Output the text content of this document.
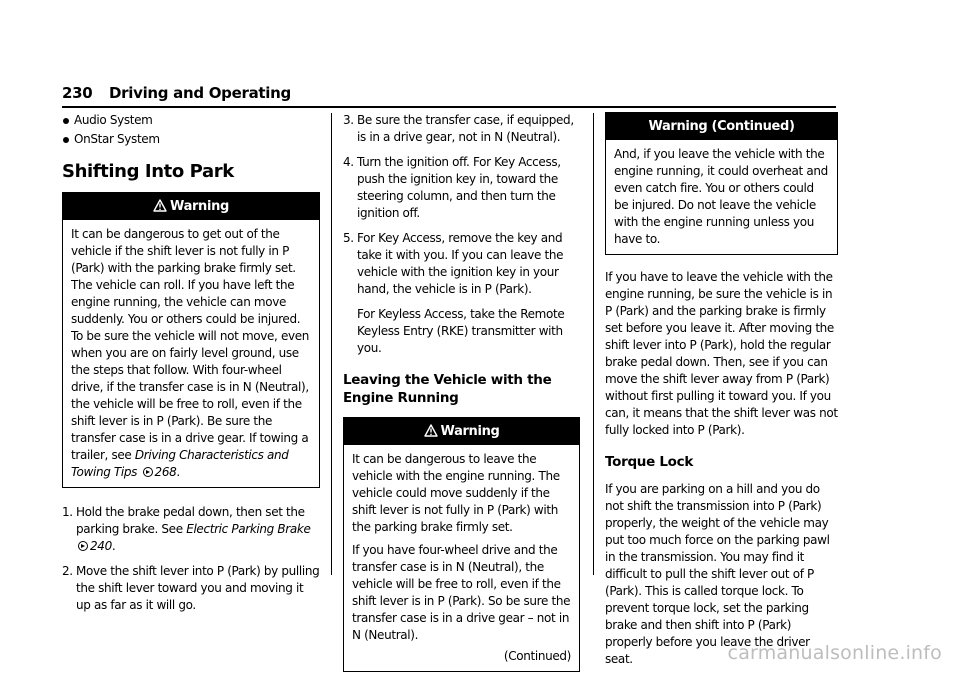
230 Driving and Operating
Audio System
OnStar System
Shifting Into Park
Warning

It can be dangerous to get out of the vehicle if the shift lever is not fully in P (Park) with the parking brake firmly set. The vehicle can roll. If you have left the engine running, the vehicle can move suddenly. You or others could be injured. To be sure the vehicle will not move, even when you are on fairly level ground, use the steps that follow. With four-wheel drive, if the transfer case is in N (Neutral), the vehicle will be free to roll, even if the shift lever is in P (Park). Be sure the transfer case is in a drive gear. If towing a trailer, see Driving Characteristics and Towing Tips 268.

1. Hold the brake pedal down, then set the parking brake. See Electric Parking Brake
240.

2. Move the shift lever into P (Park) by pulling the shift lever toward you and moving it up as far as it will go.

3. Be sure the transfer case, if equipped, is in a drive gear, not in N (Neutral).

4. Turn the ignition off. For Key Access, push the ignition key in, toward the steering column, and then turn the ignition off.

5. For Key Access, remove the key and take it with you. If you can leave the vehicle with the ignition key in your hand, the vehicle is in P (Park).

For Keyless Access, take the Remote Keyless Entry (RKE) transmitter with you.

Leaving the Vehicle with the Engine Running
Warning

It can be dangerous to leave the vehicle with the engine running. The vehicle could move suddenly if the shift lever is not fully in P (Park) with the parking brake firmly set.

If you have four-wheel drive and the transfer case is in N (Neutral), the vehicle will be free to roll, even if the shift lever is in P (Park). So be sure the transfer case is in a drive gear – not in N (Neutral).

(Continued)
Warning (Continued)

And, if you leave the vehicle with the engine running, it could overheat and even catch fire. You or others could be injured. Do not leave the vehicle with the engine running unless you have to.

If you have to leave the vehicle with the engine running, be sure the vehicle is in P (Park) and the parking brake is firmly set before you leave it. After moving the shift lever into P (Park), hold the regular brake pedal down. Then, see if you can move the shift lever away from P (Park) without first pulling it toward you. If you can, it means that the shift lever was not fully locked into P (Park).

Torque Lock

If you are parking on a hill and you do not shift the transmission into P (Park) properly, the weight of the vehicle may put too much force on the parking pawl in the transmission. You may find it difficult to pull the shift lever out of P (Park). This is called torque lock. To prevent torque lock, set the parking brake and then shift into P (Park) properly before you leave the driver seat.	carmanualsonline.info
